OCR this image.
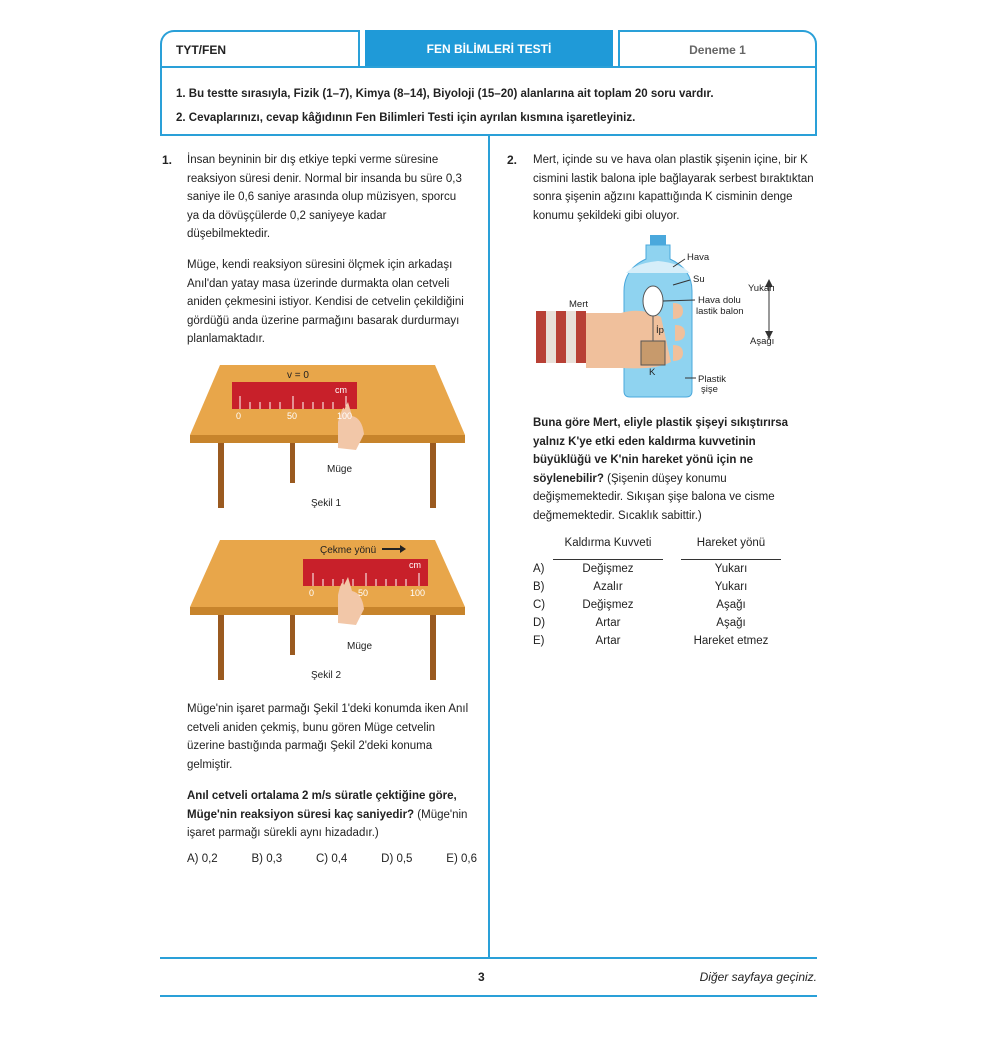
TYT/FEN	FEN BİLİMLERİ TESTİ	Deneme 1
1. Bu testte sırasıyla, Fizik (1–7), Kimya (8–14), Biyoloji (15–20) alanlarına ait toplam 20 soru vardır.
2. Cevaplarınızı, cevap kâğıdının Fen Bilimleri Testi için ayrılan kısmına işaretleyiniz.
1. İnsan beyninin bir dış etkiye tepki verme süresine
reaksiyon süresi denir. Normal bir insanda bu süre 0,3
saniye ile 0,6 saniye arasında olup müzisyen, sporcu
ya da dövüşçülerde 0,2 saniyeye kadar
düşebilmektedir.
Müge, kendi reaksiyon süresini ölçmek için arkadaşı
Anıl'dan yatay masa üzerinde durmakta olan cetveli
aniden çekmesini istiyor. Kendisi de cetvelin çekildiğini
gördüğü anda üzerine parmağını basarak durdurmayı
planlamaktadır.
v = 0
cm
0	50	100
Müge
Şekil 1
Çekme yönü
cm
0	50	100
Müge
Şekil 2
Müge'nin işaret parmağı Şekil 1'deki konumda iken Anıl
cetveli aniden çekmiş, bunu gören Müge cetvelin
üzerine bastığında parmağı Şekil 2'deki konuma
gelmiştir.
Anıl cetveli ortalama 2 m/s süratle çektiğine göre,
Müge'nin reaksiyon süresi kaç saniyedir? (Müge'nin
işaret parmağı sürekli aynı hizadadır.)
A) 0,2	B) 0,3	C) 0,4	D) 0,5	E) 0,6
2. Mert, içinde su ve hava olan plastik şişenin içine, bir K
cismini lastik balona iple bağlayarak serbest bıraktıktan
sonra şişenin ağzını kapattığında K cisminin denge
konumu şekildeki gibi oluyor.
Hava
Su
Mert	Hava dolu
lastik balon
İp
K
Plastik
şişe
Yukarı
Aşağı
Buna göre Mert, eliyle plastik şişeyi sıkıştırırsa
yalnız K'ye etki eden kaldırma kuvvetinin
büyüklüğü ve K'nin hareket yönü için ne
söylenebilir? (Şişenin düşey konumu
değişmemektedir. Sıkışan şişe balona ve cisme
değmemektedir. Sıcaklık sabittir.)
	Kaldırma Kuvveti		Hareket yönü
A)	Değişmez		Yukarı
B)	Azalır		Yukarı
C)	Değişmez		Aşağı
D)	Artar		Aşağı
E)	Artar		Hareket etmez
3	Diğer sayfaya geçiniz.
